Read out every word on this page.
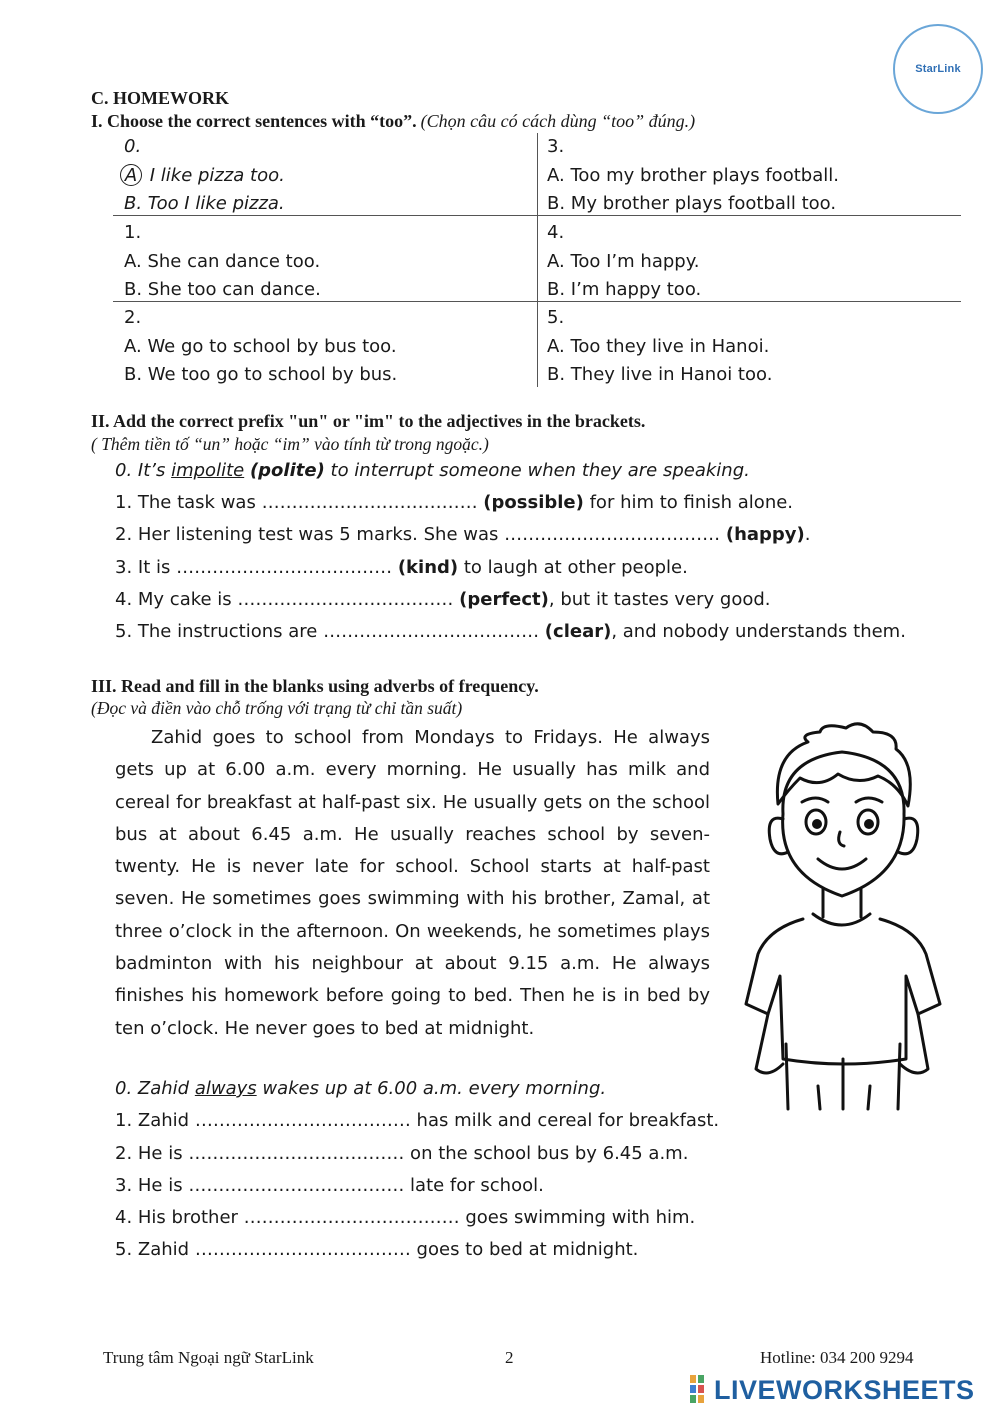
StarLink
C. HOMEWORK
I. Choose the correct sentences with “too”. (Chọn câu có cách dùng “too” đúng.)
0.
A I like pizza too.
B. Too I like pizza.
1.
A. She can dance too.
B. She too can dance.
2.
A. We go to school by bus too.
B. We too go to school by bus.
3.
A. Too my brother plays football.
B. My brother plays football too.
4.
A. Too I’m happy.
B. I’m happy too.
5.
A. Too they live in Hanoi.
B. They live in Hanoi too.
II. Add the correct prefix "un" or "im" to the adjectives in the brackets.
( Thêm tiền tố “un” hoặc “im” vào tính từ trong ngoặc.)
0. It’s impolite (polite) to interrupt someone when they are speaking.
1. The task was ……………………………… (possible) for him to finish alone.
2. Her listening test was 5 marks. She was ……………………………… (happy).
3. It is ……………………………… (kind) to laugh at other people.
4. My cake is ……………………………… (perfect), but it tastes very good.
5. The instructions are ……………………………… (clear), and nobody understands them.
III. Read and fill in the blanks using adverbs of frequency.
(Đọc và điền vào chỗ trống với trạng từ chỉ tần suất)

Zahid goes to school from Mondays to Fridays. He always gets up at 6.00 a.m. every morning. He usually has milk and cereal for breakfast at half-past six. He usually gets on the school bus at about 6.45 a.m. He usually reaches school by seven-twenty. He is never late for school. School starts at half-past seven. He sometimes goes swimming with his brother, Zamal, at three o’clock in the afternoon. On weekends, he sometimes plays badminton with his neighbour at about 9.15 a.m. He always finishes his homework before going to bed. Then he is in bed by ten o’clock. He never goes to bed at midnight.

0. Zahid always wakes up at 6.00 a.m. every morning.
1. Zahid ……………………………… has milk and cereal for breakfast.
2. He is ……………………………… on the school bus by 6.45 a.m.
3. He is ……………………………… late for school.
4. His brother ……………………………… goes swimming with him.
5. Zahid ……………………………… goes to bed at midnight.
Trung tâm Ngoại ngữ StarLink	2	Hotline: 034 200 9294
LIVEWORKSHEETS
